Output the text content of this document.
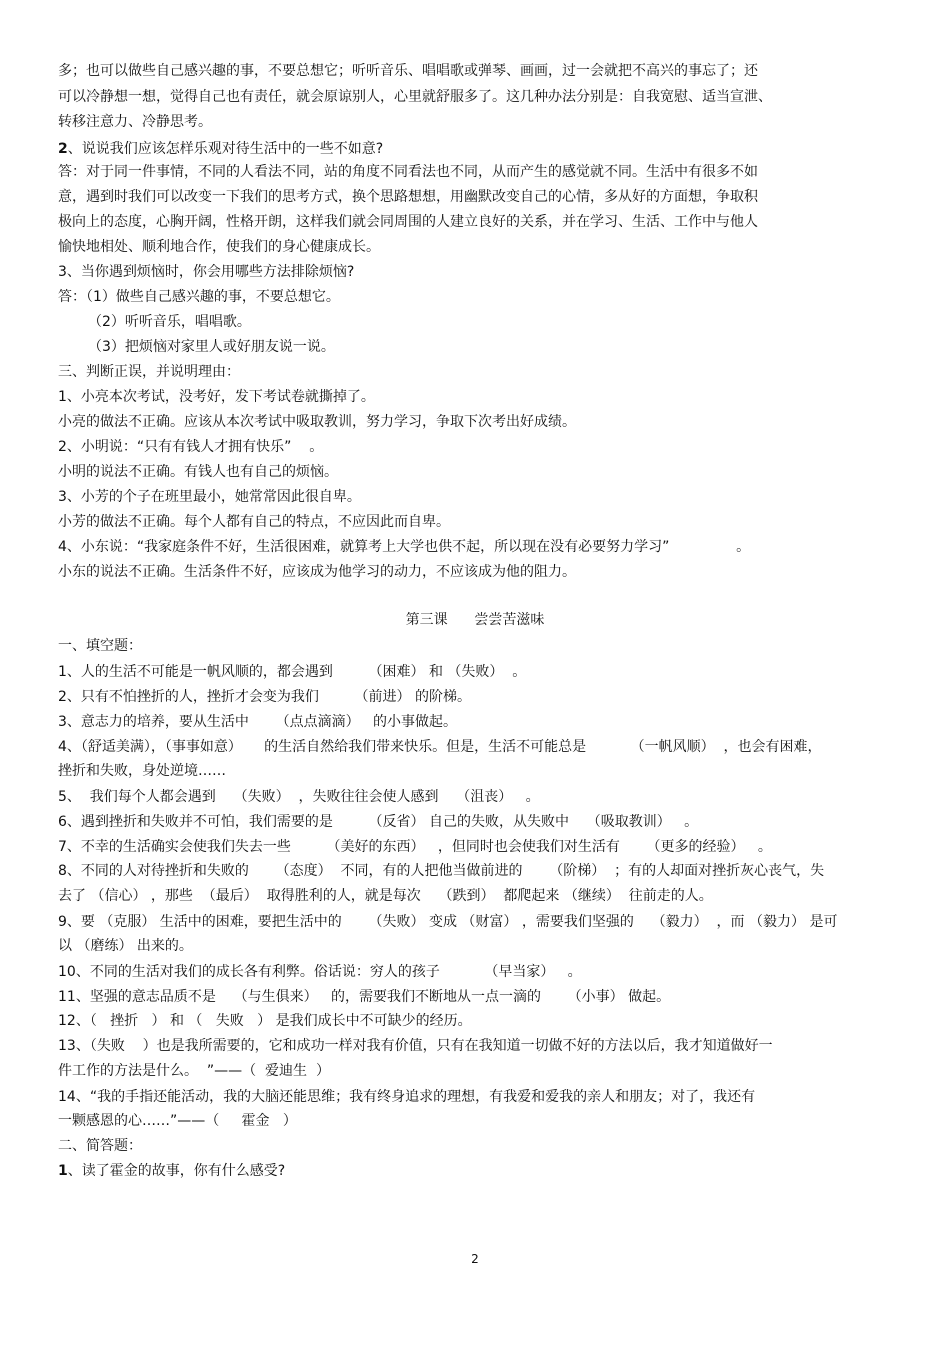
多；也可以做些自己感兴趣的事，不要总想它；听听音乐、唱唱歌或弹琴、画画，过一会就把不高兴的事忘了；还

可以冷静想一想，觉得自己也有责任，就会原谅别人，心里就舒服多了。这几种办法分别是：自我宽慰、适当宣泄、

转移注意力、冷静思考。

2、说说我们应该怎样乐观对待生活中的一些不如意?

答：对于同一件事情，不同的人看法不同，站的角度不同看法也不同，从而产生的感觉就不同。生活中有很多不如

意，遇到时我们可以改变一下我们的思考方式，换个思路想想，用幽默改变自己的心情，多从好的方面想，争取积

极向上的态度，心胸开阔，性格开朗，这样我们就会同周围的人建立良好的关系，并在学习、生活、工作中与他人

愉快地相处、顺利地合作，使我们的身心健康成长。

3、当你遇到烦恼时，你会用哪些方法排除烦恼?

答：（1）做些自己感兴趣的事，不要总想它。

（2）听听音乐，唱唱歌。

（3）把烦恼对家里人或好朋友说一说。

三、判断正误，并说明理由：

1、小亮本次考试，没考好，发下考试卷就撕掉了。

小亮的做法不正确。应该从本次考试中吸取教训，努力学习，争取下次考出好成绩。

2、小明说：“只有有钱人才拥有快乐”    。

小明的说法不正确。有钱人也有自己的烦恼。

3、小芳的个子在班里最小，她常常因此很自卑。

小芳的做法不正确。每个人都有自己的特点，不应因此而自卑。

4、小东说：“我家庭条件不好，生活很困难，就算考上大学也供不起，所以现在没有必要努力学习”               。

小东的说法不正确。生活条件不好，应该成为他学习的动力，不应该成为他的阻力。

第三课      尝尝苦滋味

一、填空题：

1、人的生活不可能是一帆风顺的，都会遇到        （困难） 和 （失败）  。

2、只有不怕挫折的人，挫折才会变为我们        （前进） 的阶梯。

3、意志力的培养，要从生活中      （点点滴滴）   的小事做起。

4、（舒适美满），（事事如意）     的生活自然给我们带来快乐。但是，生活不可能总是          （一帆风顺）  ，也会有困难，

挫折和失败，身处逆境……

5、  我们每个人都会遇到    （失败）  ，失败往往会使人感到    （沮丧）   。

6、遇到挫折和失败并不可怕，我们需要的是        （反省） 自己的失败，从失败中    （吸取教训）   。

7、不幸的生活确实会使我们失去一些        （美好的东西）   ，但同时也会使我们对生活有      （更多的经验）   。

8、不同的人对待挫折和失败的      （态度）  不同，有的人把他当做前进的      （阶梯）  ；有的人却面对挫折灰心丧气，失

去了 （信心） ，那些  （最后）  取得胜利的人，就是每次    （跌到）  都爬起来 （继续）  往前走的人。

9、要 （克服） 生活中的困难，要把生活中的      （失败） 变成 （财富） ，需要我们坚强的    （毅力）  ，而 （毅力） 是可

以 （磨练） 出来的。

10、不同的生活对我们的成长各有利弊。俗话说：穷人的孩子          （早当家）   。

11、坚强的意志品质不是    （与生俱来）   的，需要我们不断地从一点一滴的      （小事） 做起。

12、（   挫折   ） 和 （   失败   ） 是我们成长中不可缺少的经历。

13、（失败    ）也是我所需要的，它和成功一样对我有价值，只有在我知道一切做不好的方法以后，我才知道做好一

件工作的方法是什么。  ”——（  爱迪生  ）

14、“我的手指还能活动，我的大脑还能思维；我有终身追求的理想，有我爱和爱我的亲人和朋友；对了，我还有

一颗感恩的心……”——（     霍金   ）

二、简答题：

1、读了霍金的故事，你有什么感受?

2
